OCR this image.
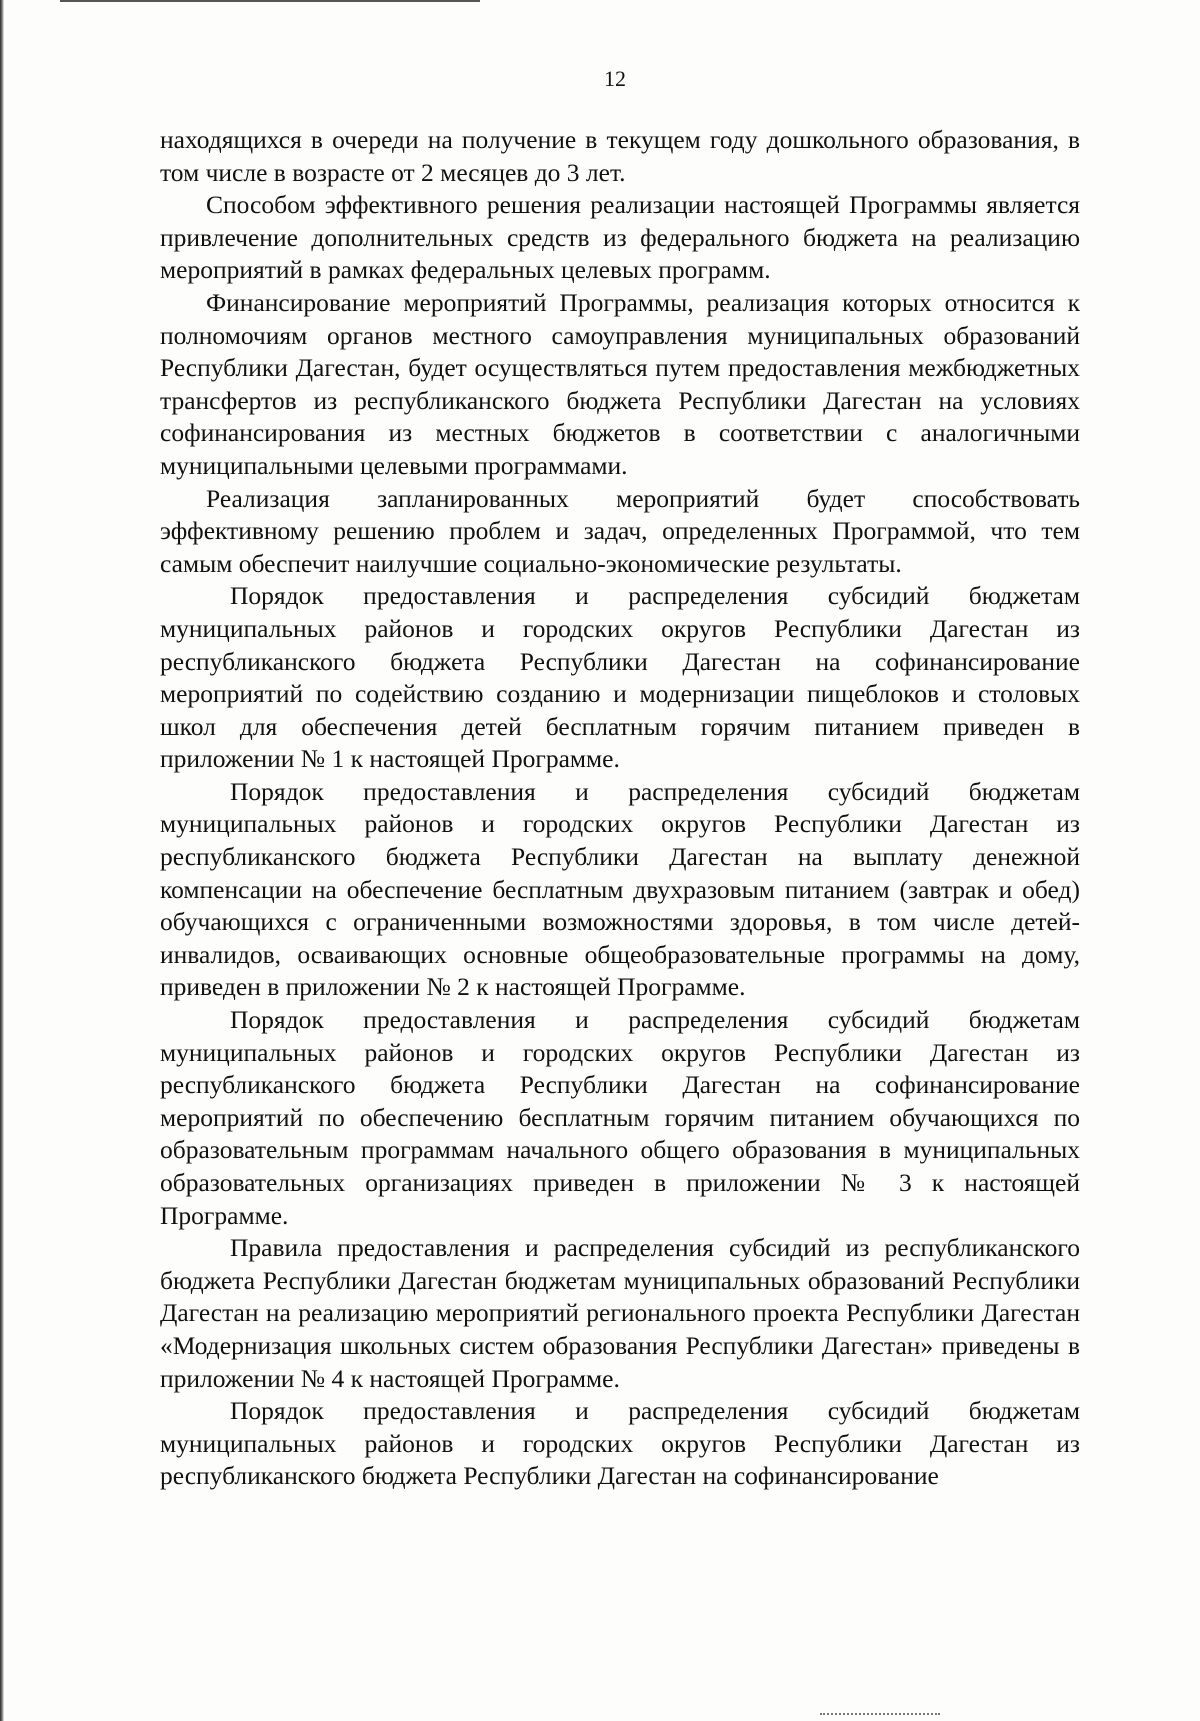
12

находящихся в очереди на получение в текущем году дошкольного образования, в том числе в возрасте от 2 месяцев до 3 лет.

Способом эффективного решения реализации настоящей Программы является привлечение дополнительных средств из федерального бюджета на реализацию мероприятий в рамках федеральных целевых программ.

Финансирование мероприятий Программы, реализация которых относится к полномочиям органов местного самоуправления муниципальных образований Республики Дагестан, будет осуществляться путем предоставления межбюджетных трансфертов из республиканского бюджета Республики Дагестан на условиях софинансирования из местных бюджетов в соответствии с аналогичными муниципальными целевыми программами.

Реализация запланированных мероприятий будет способствовать эффективному решению проблем и задач, определенных Программой, что тем самым обеспечит наилучшие социально-экономические результаты.

Порядок предоставления и распределения субсидий бюджетам муниципальных районов и городских округов Республики Дагестан из республиканского бюджета Республики Дагестан на софинансирование мероприятий по содействию созданию и модернизации пищеблоков и столовых школ для обеспечения детей бесплатным горячим питанием приведен в приложении № 1 к настоящей Программе.

Порядок предоставления и распределения субсидий бюджетам муниципальных районов и городских округов Республики Дагестан из республиканского бюджета Республики Дагестан на выплату денежной компенсации на обеспечение бесплатным двухразовым питанием (завтрак и обед) обучающихся с ограниченными возможностями здоровья, в том числе детей-инвалидов, осваивающих основные общеобразовательные программы на дому, приведен в приложении № 2 к настоящей Программе.

Порядок предоставления и распределения субсидий бюджетам муниципальных районов и городских округов Республики Дагестан из республиканского бюджета Республики Дагестан на софинансирование мероприятий по обеспечению бесплатным горячим питанием обучающихся по образовательным программам начального общего образования в муниципальных образовательных организациях приведен в приложении № 3 к настоящей Программе.

Правила предоставления и распределения субсидий из республиканского бюджета Республики Дагестан бюджетам муниципальных образований Республики Дагестан на реализацию мероприятий регионального проекта Республики Дагестан «Модернизация школьных систем образования Республики Дагестан» приведены в приложении № 4 к настоящей Программе.

Порядок предоставления и распределения субсидий бюджетам муниципальных районов и городских округов Республики Дагестан из республиканского бюджета Республики Дагестан на софинансирование
